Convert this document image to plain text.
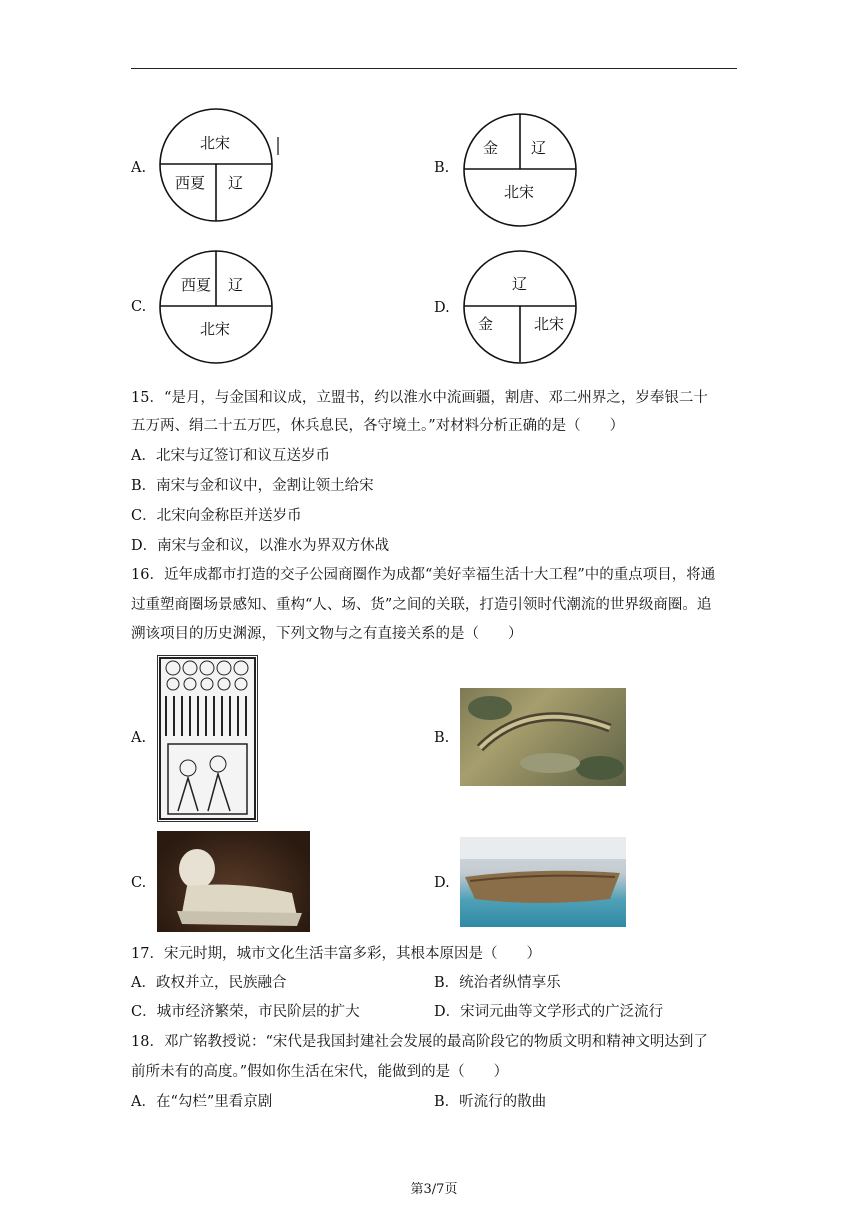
A.
北宋
西夏 辽
B.
金 辽
北宋
C.
西夏 辽
北宋
D.
辽
金	北宋
15．“是月，与金国和议成，立盟书，约以淮水中流画疆，割唐、邓二州界之，岁奉银二十
五万两、绢二十五万匹，休兵息民，各守境土。”对材料分析正确的是（　　）
A．北宋与辽签订和议互送岁币
B．南宋与金和议中，金割让领土给宋
C．北宋向金称臣并送岁币
D．南宋与金和议，以淮水为界双方休战
16．近年成都市打造的交子公园商圈作为成都“美好幸福生活十大工程”中的重点项目，将通
过重塑商圈场景感知、重构“人、场、货”之间的关联，打造引领时代潮流的世界级商圈。追
溯该项目的历史渊源，下列文物与之有直接关系的是（　　）
A.	B.
C.	D.
17．宋元时期，城市文化生活丰富多彩，其根本原因是（　　）
A．政权并立，民族融合	B．统治者纵情享乐
C．城市经济繁荣，市民阶层的扩大	D．宋词元曲等文学形式的广泛流行
18．邓广铭教授说：“宋代是我国封建社会发展的最高阶段它的物质文明和精神文明达到了
前所未有的高度。”假如你生活在宋代，能做到的是（　　）
A．在“勾栏”里看京剧	B．听流行的散曲
第3/7页
